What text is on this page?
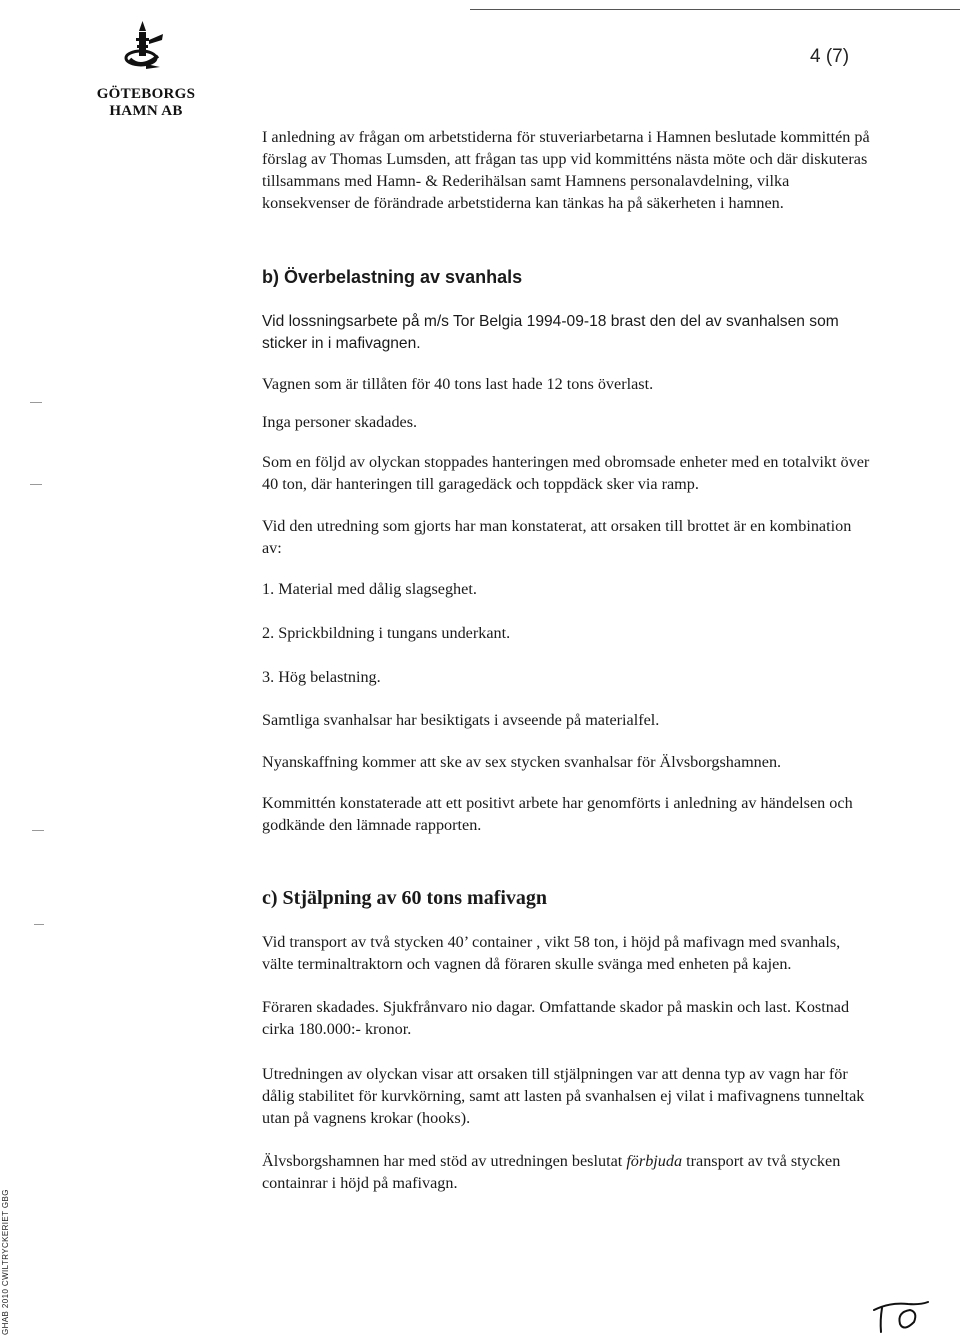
GÖTEBORGS
HAMN AB
4 (7)

I anledning av frågan om arbetstiderna för stuveriarbetarna i Hamnen beslutade kommittén på förslag av Thomas Lumsden, att frågan tas upp vid kommitténs nästa möte och där diskuteras tillsammans med Hamn- & Rederihälsan samt Hamnens personalavdelning, vilka konsekvenser de förändrade arbetstiderna kan tänkas ha på säkerheten i hamnen.

b) Överbelastning av svanhals

Vid lossningsarbete på m/s Tor Belgia 1994-09-18 brast den del av svanhalsen som sticker in i mafivagnen.

Vagnen som är tillåten för 40 tons last hade 12 tons överlast.

Inga personer skadades.

Som en följd av olyckan stoppades hanteringen med obromsade enheter med en totalvikt över 40 ton, där hanteringen till garagedäck och toppdäck sker via ramp.

Vid den utredning som gjorts har man konstaterat, att orsaken till brottet är en kombination av:

1. Material med dålig slagseghet.

2. Sprickbildning i tungans underkant.

3. Hög belastning.

Samtliga svanhalsar har besiktigats i avseende på materialfel.

Nyanskaffning kommer att ske av sex stycken svanhalsar för Älvsborgshamnen.

Kommittén konstaterade att ett positivt arbete har genomförts i anledning av händelsen och godkände den lämnade rapporten.

c) Stjälpning av 60 tons mafivagn

Vid transport av två stycken 40’ container , vikt 58 ton, i höjd på mafivagn med svanhals, välte terminaltraktorn och vagnen då föraren skulle svänga med enheten på kajen.

Föraren skadades. Sjukfrånvaro nio dagar. Omfattande skador på maskin och last. Kostnad cirka 180.000:- kronor.

Utredningen av olyckan visar att orsaken till stjälpningen var att denna typ av vagn har för dålig stabilitet för kurvkörning, samt att lasten på svanhalsen ej vilat i mafivagnens tunneltak utan på vagnens krokar (hooks).

Älvsborgshamnen har med stöd av utredningen beslutat förbjuda transport av två stycken containrar i höjd på mafivagn.

GHAB 2010 CWILTRYCKERIET GBG
